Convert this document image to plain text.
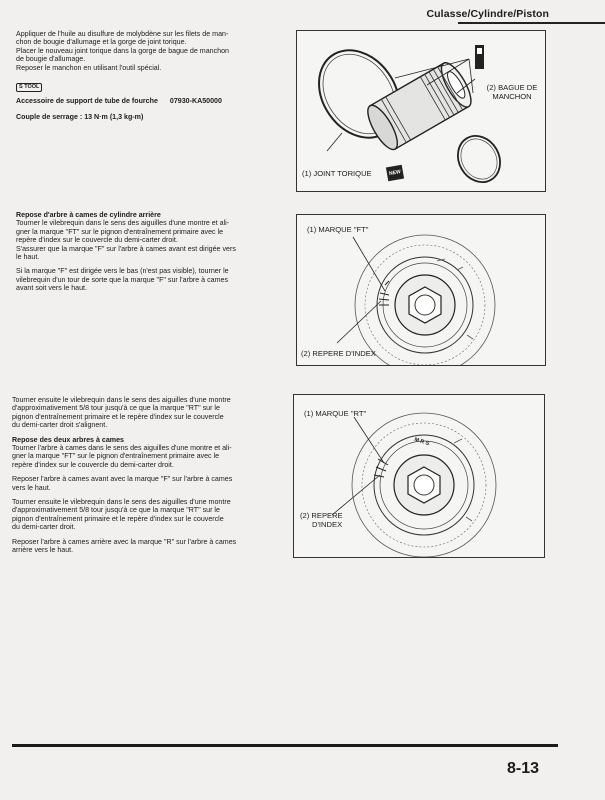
Culasse/Cylindre/Piston
Appliquer de l'huile au disulfure de molybdène sur les filets de man-
chon de bougie d'allumage et la gorge de joint torique.
Placer le nouveau joint torique dans la gorge de bague de manchon
de bougie d'allumage.
Reposer le manchon en utilisant l'outil spécial.
S TOOL
Accessoire de support de tube de fourche 07930-KA50000
Couple de serrage : 13 N·m (1,3 kg-m)
(2) BAGUE DE
MANCHON
(1) JOINT TORIQUE	NEW
Repose d'arbre à cames de cylindre arrière
Tourner le vilebrequin dans le sens des aiguilles d'une montre et ali-
gner la marque "FT" sur le pignon d'entraînement primaire avec le
repère d'index sur le couvercle du demi-carter droit.
S'assurer que la marque "F" sur l'arbre à cames avant est dirigée vers
le haut.
Si la marque "F" est dirigée vers le bas (n'est pas visible), tourner le
vilebrequin d'un tour de sorte que la marque "F" sur l'arbre à cames
avant soit vers le haut.
(1) MARQUE "FT"
(2) REPERE D'INDEX
Tourner ensuite le vilebrequin dans le sens des aiguilles d'une montre
d'approximativement 5/8 tour jusqu'à ce que la marque "RT" sur le
pignon d'entraînement primaire et le repère d'index sur le couvercle
du demi-carter droit s'alignent.
Repose des deux arbres à cames
Tourner l'arbre à cames dans le sens des aiguilles d'une montre et ali-
gner la marque "FT" sur le pignon d'entraînement primaire avec le
repère d'index sur le couvercle du demi-carter droit.
Reposer l'arbre à cames avant avec la marque "F" sur l'arbre à cames
vers le haut.
Tourner ensuite le vilebrequin dans le sens des aiguilles d'une montre
d'approximativement 5/8 tour jusqu'à ce que la marque "RT" sur le
pignon d'entraînement primaire et le repère d'index sur le couvercle
du demi-carter droit.
Reposer l'arbre à cames arrière avec la marque "R" sur l'arbre à cames
arrière vers le haut.
M R S
(1) MARQUE "RT"
(2) REPERE
D'INDEX
8-13
